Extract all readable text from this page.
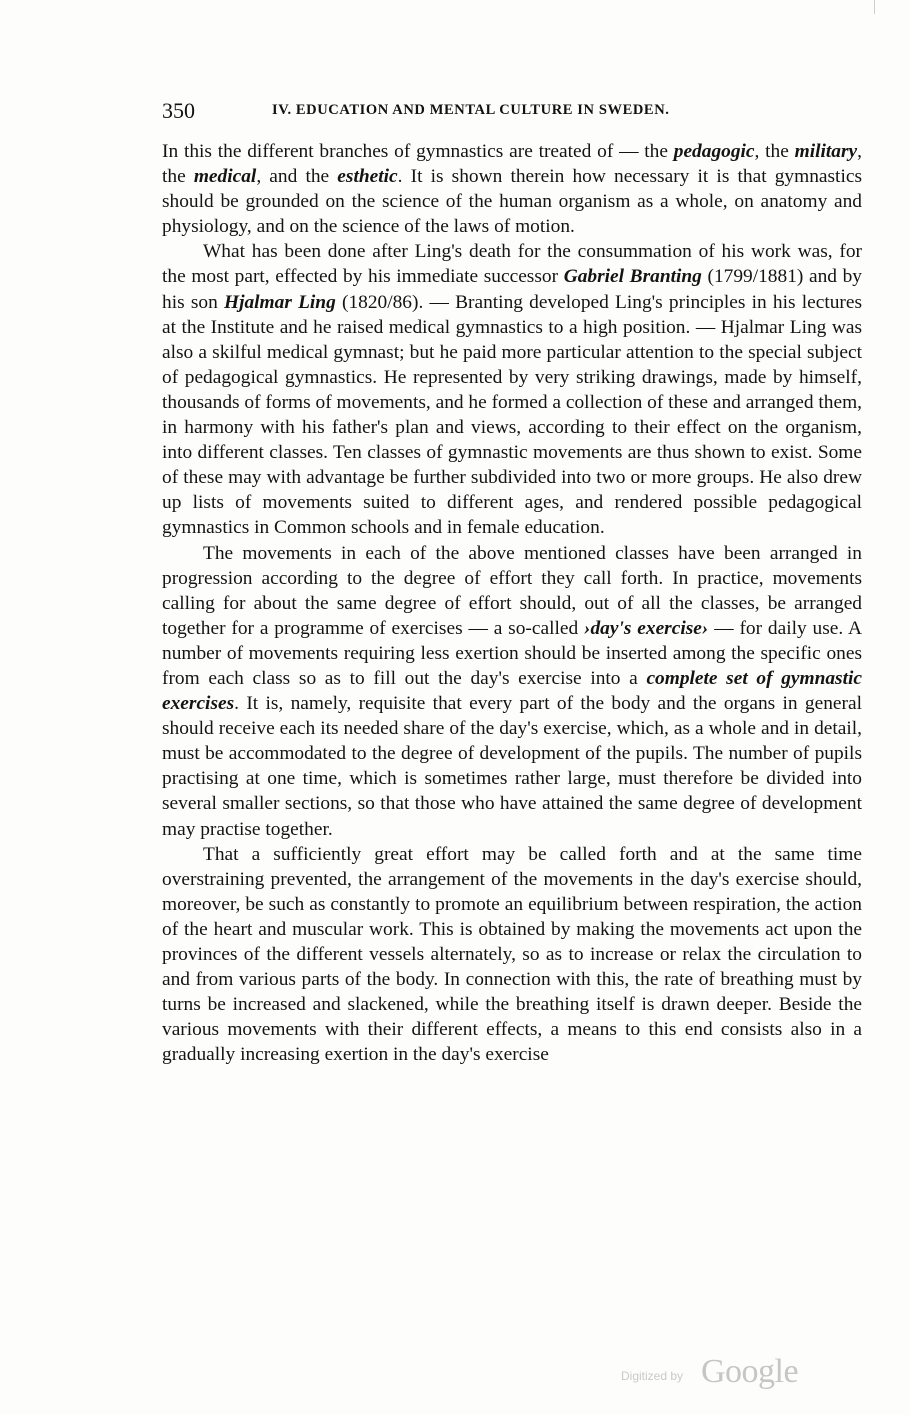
350	IV. EDUCATION AND MENTAL CULTURE IN SWEDEN.

In this the different branches of gymnastics are treated of — the pedagogic, the military, the medical, and the esthetic. It is shown therein how necessary it is that gymnastics should be grounded on the science of the human organism as a whole, on anatomy and physiology, and on the science of the laws of motion.

What has been done after Ling's death for the consummation of his work was, for the most part, effected by his immediate successor Gabriel Branting (1799/1881) and by his son Hjalmar Ling (1820/86). — Branting developed Ling's principles in his lectures at the Institute and he raised medical gymnastics to a high position. — Hjalmar Ling was also a skilful medical gymnast; but he paid more particular attention to the special subject of pedagogical gymnastics. He represented by very striking drawings, made by himself, thousands of forms of movements, and he formed a collection of these and arranged them, in harmony with his father's plan and views, according to their effect on the organism, into different classes. Ten classes of gymnastic movements are thus shown to exist. Some of these may with advantage be further subdivided into two or more groups. He also drew up lists of movements suited to different ages, and rendered possible pedagogical gymnastics in Common schools and in female education.

The movements in each of the above mentioned classes have been arranged in progression according to the degree of effort they call forth. In practice, movements calling for about the same degree of effort should, out of all the classes, be arranged together for a programme of exercises — a so-called ›day's exercise› — for daily use. A number of movements requiring less exertion should be inserted among the specific ones from each class so as to fill out the day's exercise into a complete set of gymnastic exercises. It is, namely, requisite that every part of the body and the organs in general should receive each its needed share of the day's exercise, which, as a whole and in detail, must be accommodated to the degree of development of the pupils. The number of pupils practising at one time, which is sometimes rather large, must therefore be divided into several smaller sections, so that those who have attained the same degree of development may practise together.

That a sufficiently great effort may be called forth and at the same time overstraining prevented, the arrangement of the movements in the day's exercise should, moreover, be such as constantly to promote an equilibrium between respiration, the action of the heart and muscular work. This is obtained by making the movements act upon the provinces of the different vessels alternately, so as to increase or relax the circulation to and from various parts of the body. In connection with this, the rate of breathing must by turns be increased and slackened, while the breathing itself is drawn deeper. Beside the various movements with their different effects, a means to this end consists also in a gradually increasing exertion in the day's exercise

Digitized by Google
